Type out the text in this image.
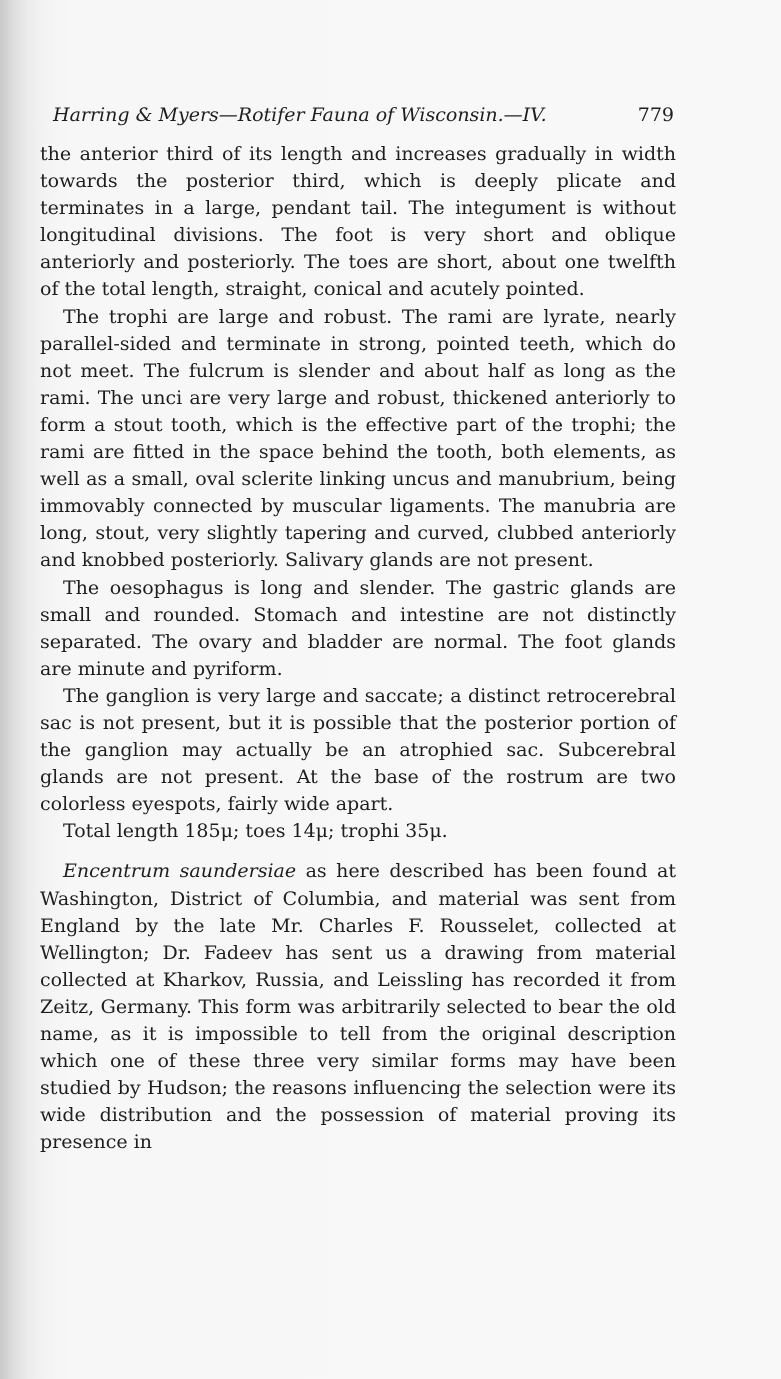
Harring & Myers—Rotifer Fauna of Wisconsin.—IV.	779

the anterior third of its length and increases gradually in width towards the posterior third, which is deeply plicate and terminates in a large, pendant tail. The integument is without longitudinal divisions. The foot is very short and oblique anteriorly and posteriorly. The toes are short, about one twelfth of the total length, straight, conical and acutely pointed.

The trophi are large and robust. The rami are lyrate, nearly parallel-sided and terminate in strong, pointed teeth, which do not meet. The fulcrum is slender and about half as long as the rami. The unci are very large and robust, thickened anteriorly to form a stout tooth, which is the effective part of the trophi; the rami are fitted in the space behind the tooth, both elements, as well as a small, oval sclerite linking uncus and manubrium, being immovably connected by muscular ligaments. The manubria are long, stout, very slightly tapering and curved, clubbed anteriorly and knobbed posteriorly. Salivary glands are not present.

The oesophagus is long and slender. The gastric glands are small and rounded. Stomach and intestine are not distinctly separated. The ovary and bladder are normal. The foot glands are minute and pyriform.

The ganglion is very large and saccate; a distinct retrocerebral sac is not present, but it is possible that the posterior portion of the ganglion may actually be an atrophied sac. Subcerebral glands are not present. At the base of the rostrum are two colorless eyespots, fairly wide apart.

Total length 185μ; toes 14μ; trophi 35μ.

Encentrum saundersiae as here described has been found at Washington, District of Columbia, and material was sent from England by the late Mr. Charles F. Rousselet, collected at Wellington; Dr. Fadeev has sent us a drawing from material collected at Kharkov, Russia, and Leissling has recorded it from Zeitz, Germany. This form was arbitrarily selected to bear the old name, as it is impossible to tell from the original description which one of these three very similar forms may have been studied by Hudson; the reasons influencing the selection were its wide distribution and the possession of material proving its presence in
